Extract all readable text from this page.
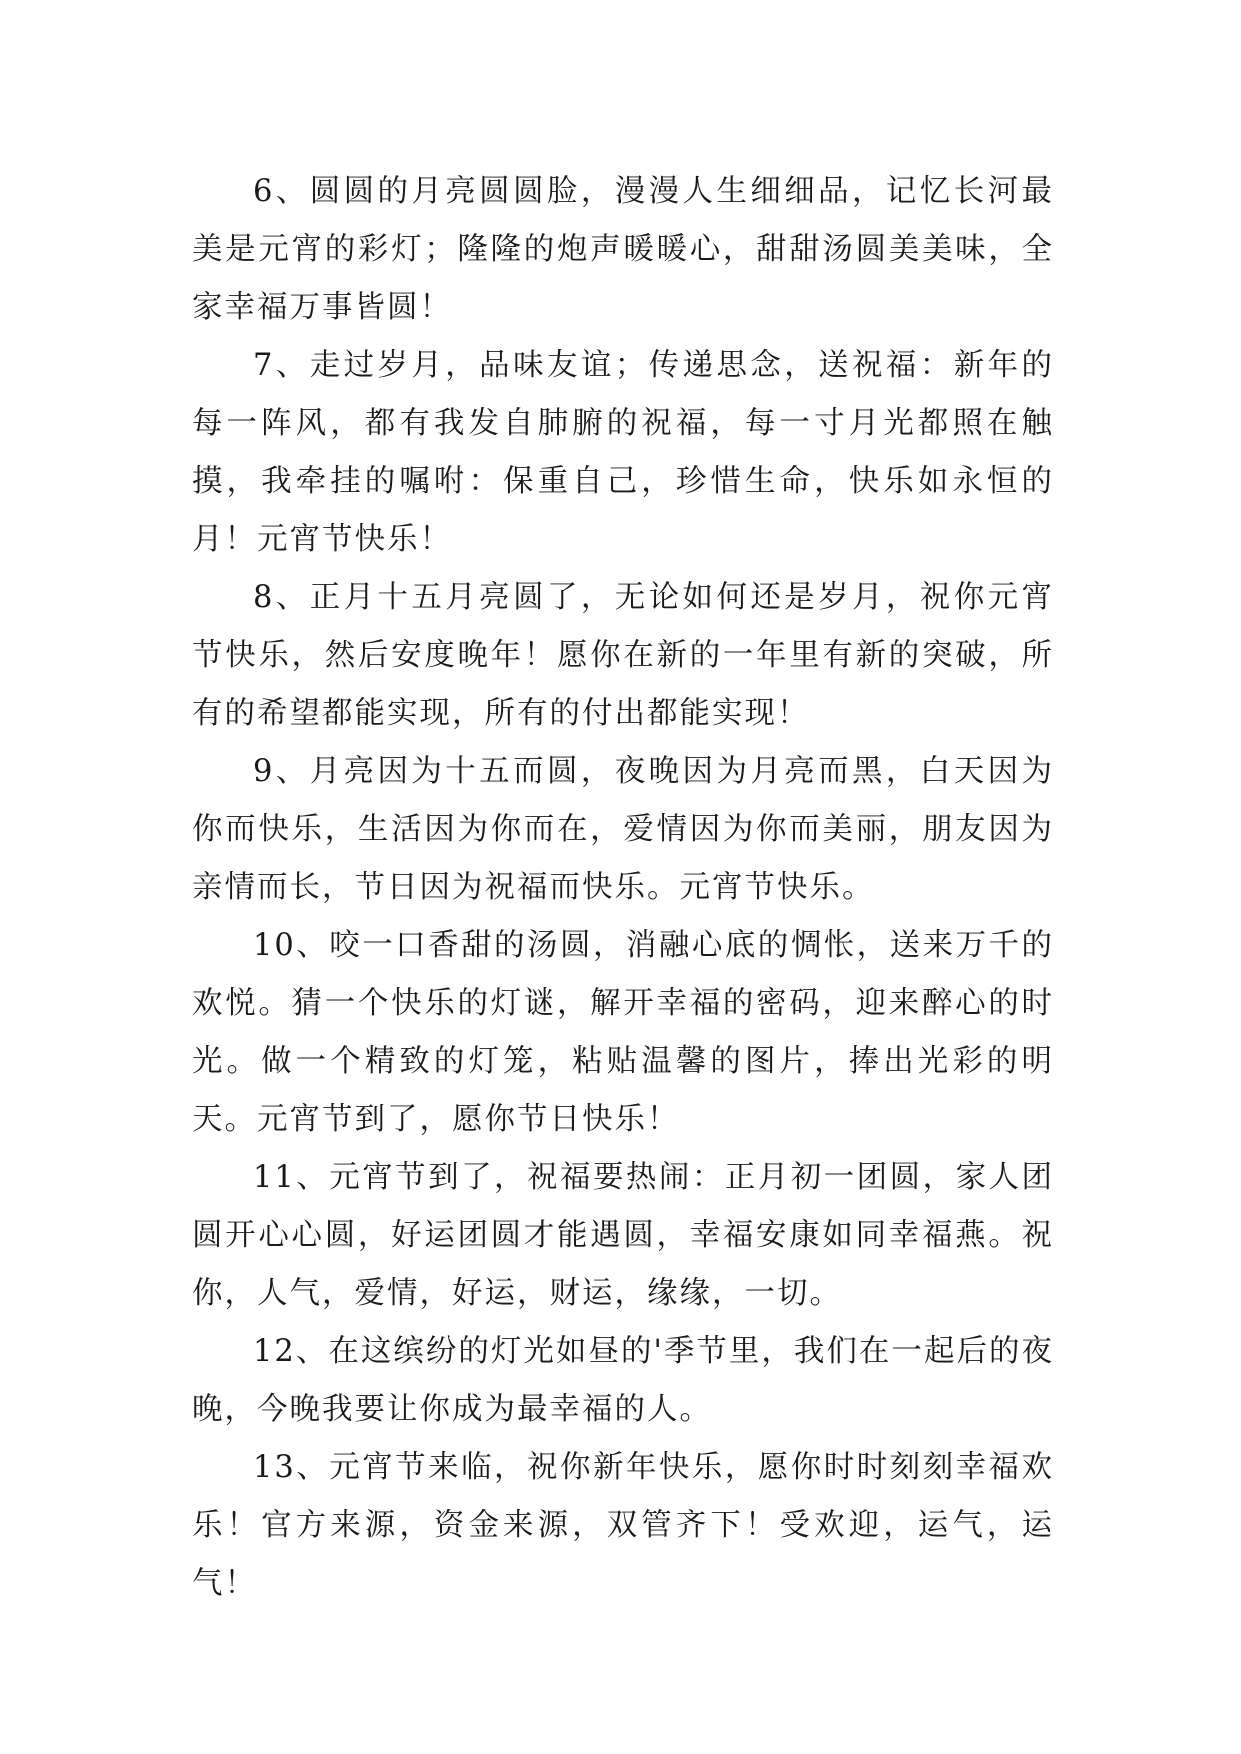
6、圆圆的月亮圆圆脸，漫漫人生细细品，记忆长河最美是元宵的彩灯；隆隆的炮声暖暖心，甜甜汤圆美美味，全家幸福万事皆圆！

7、走过岁月，品味友谊；传递思念，送祝福：新年的每一阵风，都有我发自肺腑的祝福，每一寸月光都照在触摸，我牵挂的嘱咐：保重自己，珍惜生命，快乐如永恒的月！元宵节快乐！

8、正月十五月亮圆了，无论如何还是岁月，祝你元宵节快乐，然后安度晚年！愿你在新的一年里有新的突破，所有的希望都能实现，所有的付出都能实现！

9、月亮因为十五而圆，夜晚因为月亮而黑，白天因为你而快乐，生活因为你而在，爱情因为你而美丽，朋友因为亲情而长，节日因为祝福而快乐。元宵节快乐。

10、咬一口香甜的汤圆，消融心底的惆怅，送来万千的欢悦。猜一个快乐的灯谜，解开幸福的密码，迎来醉心的时光。做一个精致的灯笼，粘贴温馨的图片，捧出光彩的明天。元宵节到了，愿你节日快乐！

11、元宵节到了，祝福要热闹：正月初一团圆，家人团圆开心心圆，好运团圆才能遇圆，幸福安康如同幸福燕。祝你，人气，爱情，好运，财运，缘缘，一切。

12、在这缤纷的灯光如昼的'季节里，我们在一起后的夜晚，今晚我要让你成为最幸福的人。

13、元宵节来临，祝你新年快乐，愿你时时刻刻幸福欢乐！官方来源，资金来源，双管齐下！受欢迎，运气，运气！
